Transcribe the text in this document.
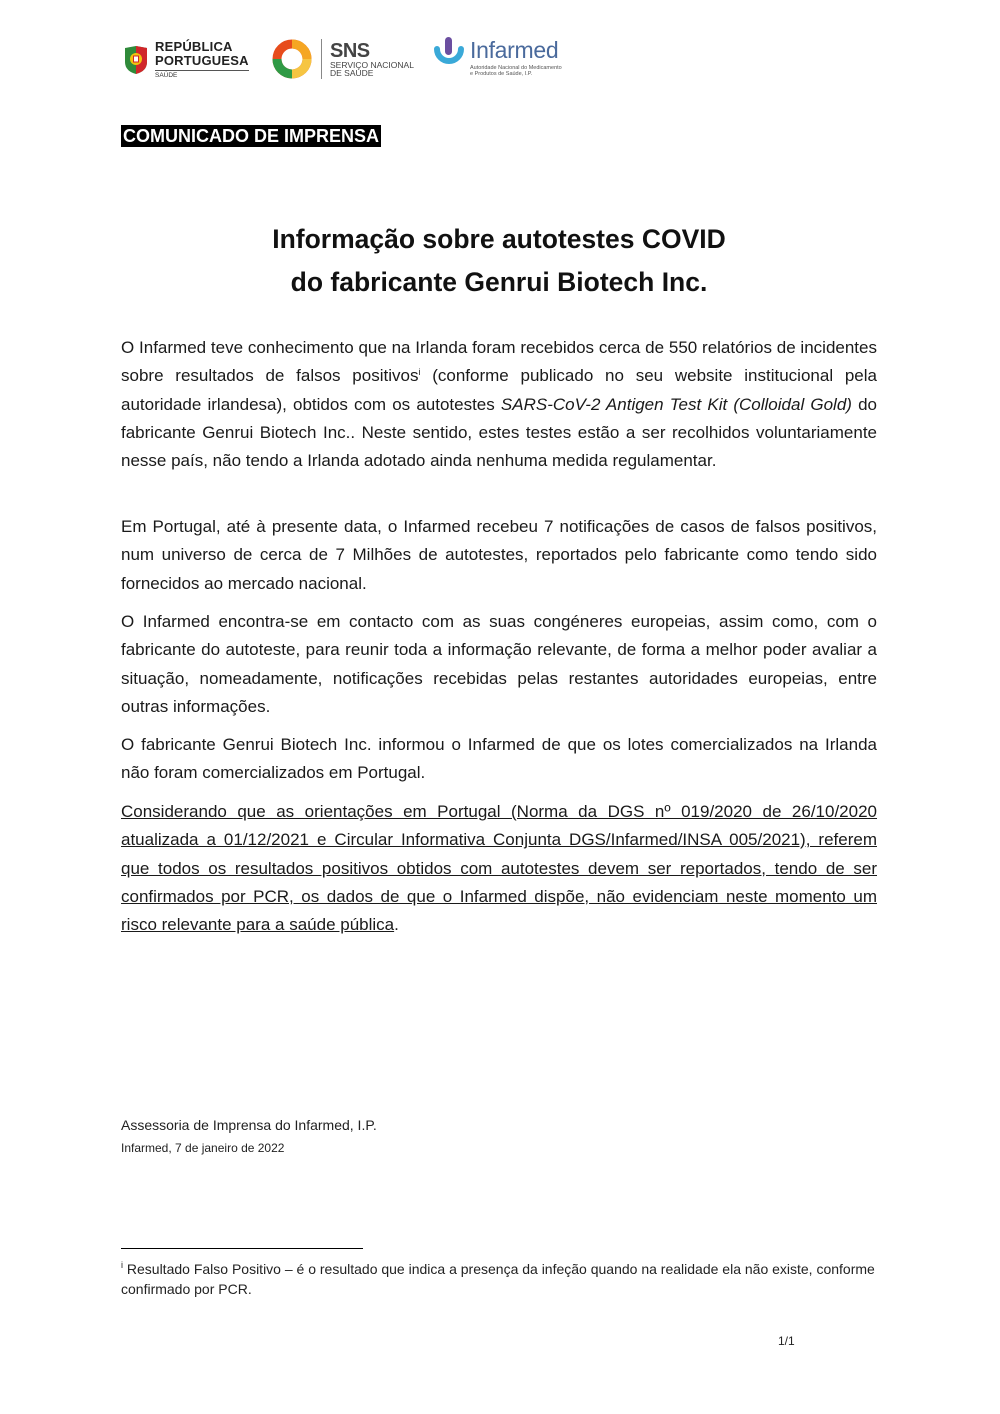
REPÚBLICA
PORTUGUESA
SAÚDE
SNS
SERVIÇO NACIONAL
DE SAÚDE
Infarmed
Autoridade Nacional do Medicamento
e Produtos de Saúde, I.P.
COMUNICADO DE IMPRENSA
Informação sobre autotestes COVID
do fabricante Genrui Biotech Inc.
O Infarmed teve conhecimento que na Irlanda foram recebidos cerca de 550 relatórios de incidentes sobre resultados de falsos positivos$^i$ (conforme publicado no seu website institucional pela autoridade irlandesa), obtidos com os autotestes SARS-CoV-2 Antigen Test Kit (Colloidal Gold) do fabricante Genrui Biotech Inc.. Neste sentido, estes testes estão a ser recolhidos voluntariamente nesse país, não tendo a Irlanda adotado ainda nenhuma medida regulamentar.
Em Portugal, até à presente data, o Infarmed recebeu 7 notificações de casos de falsos positivos, num universo de cerca de 7 Milhões de autotestes, reportados pelo fabricante como tendo sido fornecidos ao mercado nacional.
O Infarmed encontra-se em contacto com as suas congéneres europeias, assim como, com o fabricante do autoteste, para reunir toda a informação relevante, de forma a melhor poder avaliar a situação, nomeadamente, notificações recebidas pelas restantes autoridades europeias, entre outras informações.
O fabricante Genrui Biotech Inc. informou o Infarmed de que os lotes comercializados na Irlanda não foram comercializados em Portugal.
Considerando que as orientações em Portugal (Norma da DGS nº 019/2020 de 26/10/2020 atualizada a 01/12/2021 e Circular Informativa Conjunta DGS/Infarmed/INSA 005/2021), referem que todos os resultados positivos obtidos com autotestes devem ser reportados, tendo de ser confirmados por PCR, os dados de que o Infarmed dispõe, não evidenciam neste momento um risco relevante para a saúde pública.
Assessoria de Imprensa do Infarmed, I.P.
Infarmed, 7 de janeiro de 2022
$^i$ Resultado Falso Positivo – é o resultado que indica a presença da infeção quando na realidade ela não existe, conforme confirmado por PCR.
1/1
